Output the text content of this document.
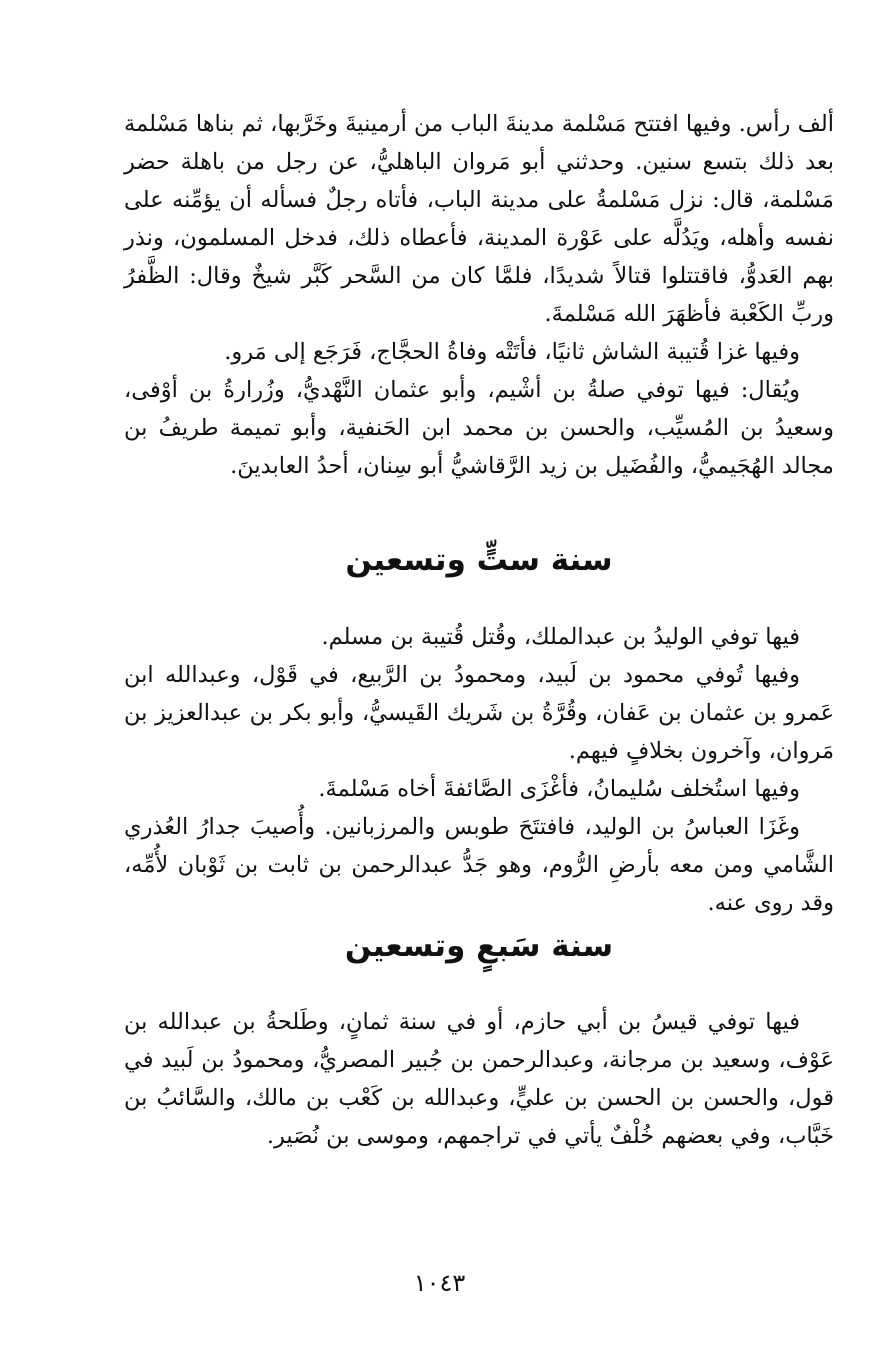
ألف رأس. وفيها افتتح مَسْلمة مدينةَ الباب من أرمينيةَ وخَرَّبها، ثم بناها مَسْلمة بعد ذلك بتسع سنين. وحدثني أبو مَروان الباهليُّ، عن رجل من باهلة حضر مَسْلمة، قال: نزل مَسْلمةُ على مدينة الباب، فأتاه رجلٌ فسأله أن يؤمِّنه على نفسه وأهله، ويَدُلَّه على عَوْرة المدينة، فأعطاه ذلك، فدخل المسلمون، ونذر بهم العَدوُّ، فاقتتلوا قتالاً شديدًا، فلمَّا كان من السَّحر كَبَّر شيخٌ وقال: الظَّفرُ وربِّ الكَعْبة فأظهَرَ الله مَسْلمةَ.

وفيها غزا قُتيبة الشاش ثانيًا، فأتَتْه وفاةُ الحجَّاج، فَرَجَع إلى مَرو.

ويُقال: فيها توفي صلةُ بن أشْيم، وأبو عثمان النَّهْديُّ، وزُرارةُ بن أوْفى، وسعيدُ بن المُسيِّب، والحسن بن محمد ابن الحَنفية، وأبو تميمة طريفُ بن مجالد الهُجَيميُّ، والفُضَيل بن زيد الرَّقاشيُّ أبو سِنان، أحدُ العابدينَ.

سنة ستٍّ وتسعين

فيها توفي الوليدُ بن عبدالملك، وقُتل قُتيبة بن مسلم.

وفيها تُوفي محمود بن لَبيد، ومحمودُ بن الرَّبيع، في قَوْل، وعبدالله ابن عَمرو بن عثمان بن عَفان، وقُرَّةُ بن شَريك القَيسيُّ، وأبو بكر بن عبدالعزيز بن مَروان، وآخرون بخلافٍ فيهم.

وفيها استُخلف سُليمانُ، فأغْزَى الصَّائفةَ أخاه مَسْلمةَ.

وغَزَا العباسُ بن الوليد، فافتتَحَ طوبس والمرزبانين. وأُصيبَ جدارُ العُذري الشَّامي ومن معه بأرضِ الرُّوم، وهو جَدُّ عبدالرحمن بن ثابت بن ثَوْبان لأُمِّه، وقد روى عنه.

سنة سَبعٍ وتسعين

فيها توفي قيسُ بن أبي حازم، أو في سنة ثمانٍ، وطَلحةُ بن عبدالله بن عَوْف، وسعيد بن مرجانة، وعبدالرحمن بن جُبير المصريُّ، ومحمودُ بن لَبيد في قول، والحسن بن الحسن بن عليٍّ، وعبدالله بن كَعْب بن مالك، والسَّائبُ بن خَبَّاب، وفي بعضهم خُلْفٌ يأتي في تراجمهم، وموسى بن نُصَير.

١٠٤٣
